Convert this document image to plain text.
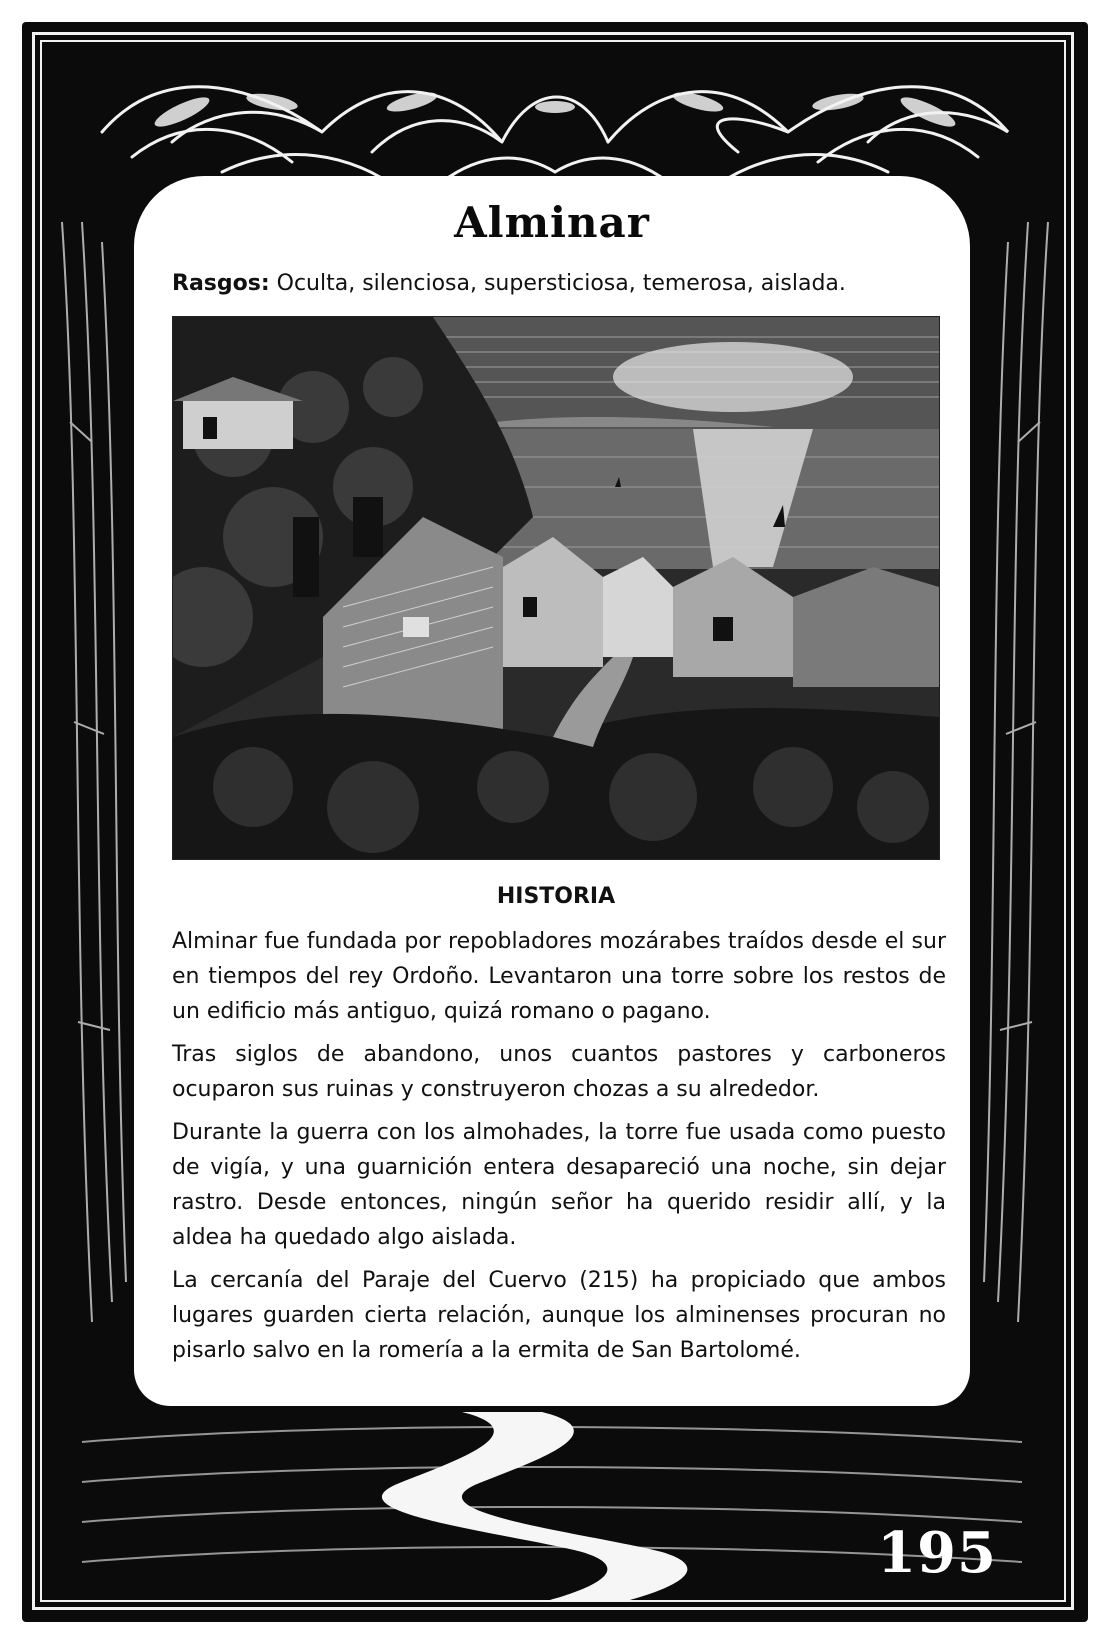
Alminar
Rasgos: Oculta, silenciosa, supersticiosa, temerosa, aislada.
HISTORIA

Alminar fue fundada por repobladores mozárabes traídos desde el sur en tiempos del rey Ordoño. Levantaron una torre sobre los restos de un edificio más antiguo, quizá romano o pagano.

Tras siglos de abandono, unos cuantos pastores y carboneros ocuparon sus ruinas y construyeron chozas a su alrededor.

Durante la guerra con los almohades, la torre fue usada como puesto de vigía, y una guarnición entera desapareció una noche, sin dejar rastro. Desde entonces, ningún señor ha querido residir allí, y la aldea ha quedado algo aislada.

La cercanía del Paraje del Cuervo (215) ha propiciado que ambos lugares guarden cierta relación, aunque los alminenses procuran no pisarlo salvo en la romería a la ermita de San Bartolomé.

195
